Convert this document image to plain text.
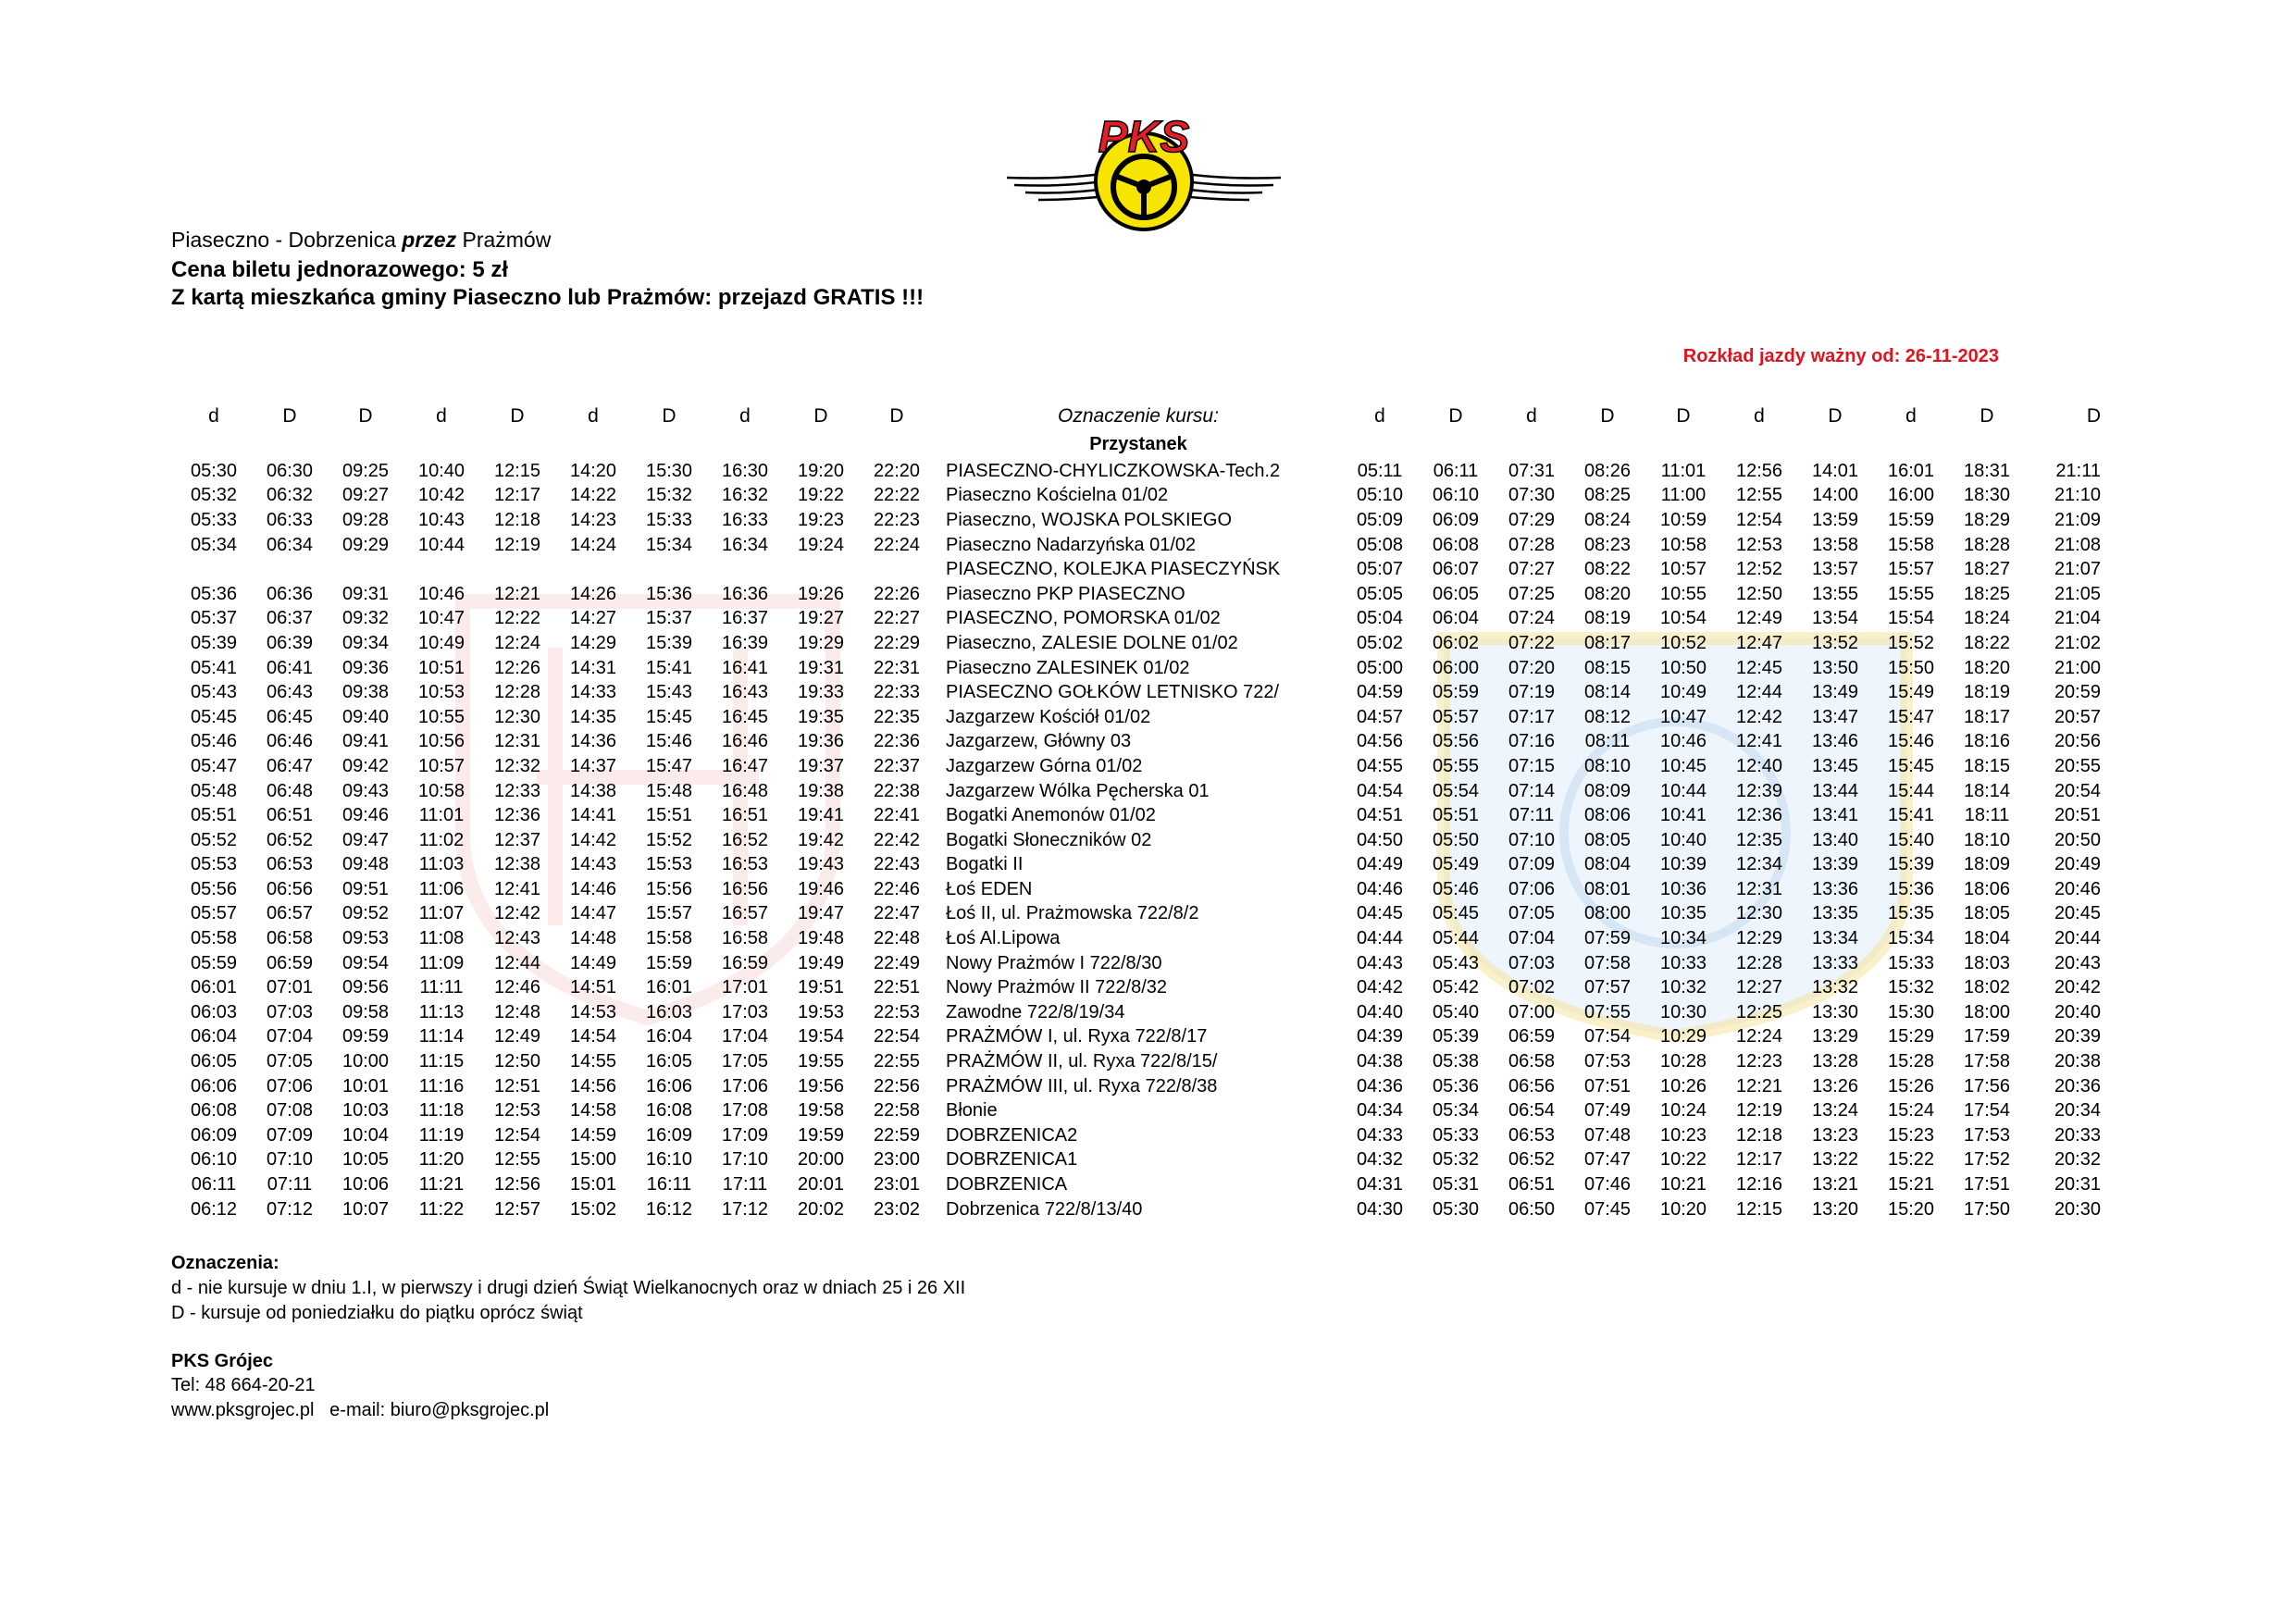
PKS
Piaseczno - Dobrzenica przez Prażmów
Cena biletu jednorazowego: 5 zł
Z kartą mieszkańca gminy Piaseczno lub Prażmów: przejazd GRATIS !!!
Rozkład jazdy ważny od: 26-11-2023
d	D	D	d	D	d	D	d	D	D	Oznaczenie kursu:	d	D	d	D	D	d	D	d	D	D
										Przystanek										
05:30	06:30	09:25	10:40	12:15	14:20	15:30	16:30	19:20	22:20	PIASECZNO-CHYLICZKOWSKA-Tech.2	05:11	06:11	07:31	08:26	11:01	12:56	14:01	16:01	18:31	21:11
05:32	06:32	09:27	10:42	12:17	14:22	15:32	16:32	19:22	22:22	Piaseczno Kościelna 01/02	05:10	06:10	07:30	08:25	11:00	12:55	14:00	16:00	18:30	21:10
05:33	06:33	09:28	10:43	12:18	14:23	15:33	16:33	19:23	22:23	Piaseczno, WOJSKA POLSKIEGO	05:09	06:09	07:29	08:24	10:59	12:54	13:59	15:59	18:29	21:09
05:34	06:34	09:29	10:44	12:19	14:24	15:34	16:34	19:24	22:24	Piaseczno Nadarzyńska 01/02	05:08	06:08	07:28	08:23	10:58	12:53	13:58	15:58	18:28	21:08
										PIASECZNO, KOLEJKA PIASECZYŃSK	05:07	06:07	07:27	08:22	10:57	12:52	13:57	15:57	18:27	21:07
05:36	06:36	09:31	10:46	12:21	14:26	15:36	16:36	19:26	22:26	Piaseczno PKP PIASECZNO	05:05	06:05	07:25	08:20	10:55	12:50	13:55	15:55	18:25	21:05
05:37	06:37	09:32	10:47	12:22	14:27	15:37	16:37	19:27	22:27	PIASECZNO, POMORSKA 01/02	05:04	06:04	07:24	08:19	10:54	12:49	13:54	15:54	18:24	21:04
05:39	06:39	09:34	10:49	12:24	14:29	15:39	16:39	19:29	22:29	Piaseczno, ZALESIE DOLNE 01/02	05:02	06:02	07:22	08:17	10:52	12:47	13:52	15:52	18:22	21:02
05:41	06:41	09:36	10:51	12:26	14:31	15:41	16:41	19:31	22:31	Piaseczno ZALESINEK 01/02	05:00	06:00	07:20	08:15	10:50	12:45	13:50	15:50	18:20	21:00
05:43	06:43	09:38	10:53	12:28	14:33	15:43	16:43	19:33	22:33	PIASECZNO GOŁKÓW LETNISKO 722/	04:59	05:59	07:19	08:14	10:49	12:44	13:49	15:49	18:19	20:59
05:45	06:45	09:40	10:55	12:30	14:35	15:45	16:45	19:35	22:35	Jazgarzew Kościół 01/02	04:57	05:57	07:17	08:12	10:47	12:42	13:47	15:47	18:17	20:57
05:46	06:46	09:41	10:56	12:31	14:36	15:46	16:46	19:36	22:36	Jazgarzew, Główny 03	04:56	05:56	07:16	08:11	10:46	12:41	13:46	15:46	18:16	20:56
05:47	06:47	09:42	10:57	12:32	14:37	15:47	16:47	19:37	22:37	Jazgarzew Górna 01/02	04:55	05:55	07:15	08:10	10:45	12:40	13:45	15:45	18:15	20:55
05:48	06:48	09:43	10:58	12:33	14:38	15:48	16:48	19:38	22:38	Jazgarzew Wólka Pęcherska 01	04:54	05:54	07:14	08:09	10:44	12:39	13:44	15:44	18:14	20:54
05:51	06:51	09:46	11:01	12:36	14:41	15:51	16:51	19:41	22:41	Bogatki Anemonów 01/02	04:51	05:51	07:11	08:06	10:41	12:36	13:41	15:41	18:11	20:51
05:52	06:52	09:47	11:02	12:37	14:42	15:52	16:52	19:42	22:42	Bogatki Słoneczników 02	04:50	05:50	07:10	08:05	10:40	12:35	13:40	15:40	18:10	20:50
05:53	06:53	09:48	11:03	12:38	14:43	15:53	16:53	19:43	22:43	Bogatki II	04:49	05:49	07:09	08:04	10:39	12:34	13:39	15:39	18:09	20:49
05:56	06:56	09:51	11:06	12:41	14:46	15:56	16:56	19:46	22:46	Łoś EDEN	04:46	05:46	07:06	08:01	10:36	12:31	13:36	15:36	18:06	20:46
05:57	06:57	09:52	11:07	12:42	14:47	15:57	16:57	19:47	22:47	Łoś II, ul. Prażmowska 722/8/2	04:45	05:45	07:05	08:00	10:35	12:30	13:35	15:35	18:05	20:45
05:58	06:58	09:53	11:08	12:43	14:48	15:58	16:58	19:48	22:48	Łoś Al.Lipowa	04:44	05:44	07:04	07:59	10:34	12:29	13:34	15:34	18:04	20:44
05:59	06:59	09:54	11:09	12:44	14:49	15:59	16:59	19:49	22:49	Nowy Prażmów I 722/8/30	04:43	05:43	07:03	07:58	10:33	12:28	13:33	15:33	18:03	20:43
06:01	07:01	09:56	11:11	12:46	14:51	16:01	17:01	19:51	22:51	Nowy Prażmów II 722/8/32	04:42	05:42	07:02	07:57	10:32	12:27	13:32	15:32	18:02	20:42
06:03	07:03	09:58	11:13	12:48	14:53	16:03	17:03	19:53	22:53	Zawodne 722/8/19/34	04:40	05:40	07:00	07:55	10:30	12:25	13:30	15:30	18:00	20:40
06:04	07:04	09:59	11:14	12:49	14:54	16:04	17:04	19:54	22:54	PRAŻMÓW I, ul. Ryxa 722/8/17	04:39	05:39	06:59	07:54	10:29	12:24	13:29	15:29	17:59	20:39
06:05	07:05	10:00	11:15	12:50	14:55	16:05	17:05	19:55	22:55	PRAŻMÓW II, ul. Ryxa 722/8/15/	04:38	05:38	06:58	07:53	10:28	12:23	13:28	15:28	17:58	20:38
06:06	07:06	10:01	11:16	12:51	14:56	16:06	17:06	19:56	22:56	PRAŻMÓW III, ul. Ryxa 722/8/38	04:36	05:36	06:56	07:51	10:26	12:21	13:26	15:26	17:56	20:36
06:08	07:08	10:03	11:18	12:53	14:58	16:08	17:08	19:58	22:58	Błonie	04:34	05:34	06:54	07:49	10:24	12:19	13:24	15:24	17:54	20:34
06:09	07:09	10:04	11:19	12:54	14:59	16:09	17:09	19:59	22:59	DOBRZENICA2	04:33	05:33	06:53	07:48	10:23	12:18	13:23	15:23	17:53	20:33
06:10	07:10	10:05	11:20	12:55	15:00	16:10	17:10	20:00	23:00	DOBRZENICA1	04:32	05:32	06:52	07:47	10:22	12:17	13:22	15:22	17:52	20:32
06:11	07:11	10:06	11:21	12:56	15:01	16:11	17:11	20:01	23:01	DOBRZENICA	04:31	05:31	06:51	07:46	10:21	12:16	13:21	15:21	17:51	20:31
06:12	07:12	10:07	11:22	12:57	15:02	16:12	17:12	20:02	23:02	Dobrzenica 722/8/13/40	04:30	05:30	06:50	07:45	10:20	12:15	13:20	15:20	17:50	20:30
Oznaczenia:
d - nie kursuje w dniu 1.I, w pierwszy i drugi dzień Świąt Wielkanocnych oraz w dniach 25 i 26 XII
D - kursuje od poniedziałku do piątku oprócz świąt
PKS Grójec
Tel: 48 664-20-21
www.pksgrojec.pl   e-mail: biuro@pksgrojec.pl
